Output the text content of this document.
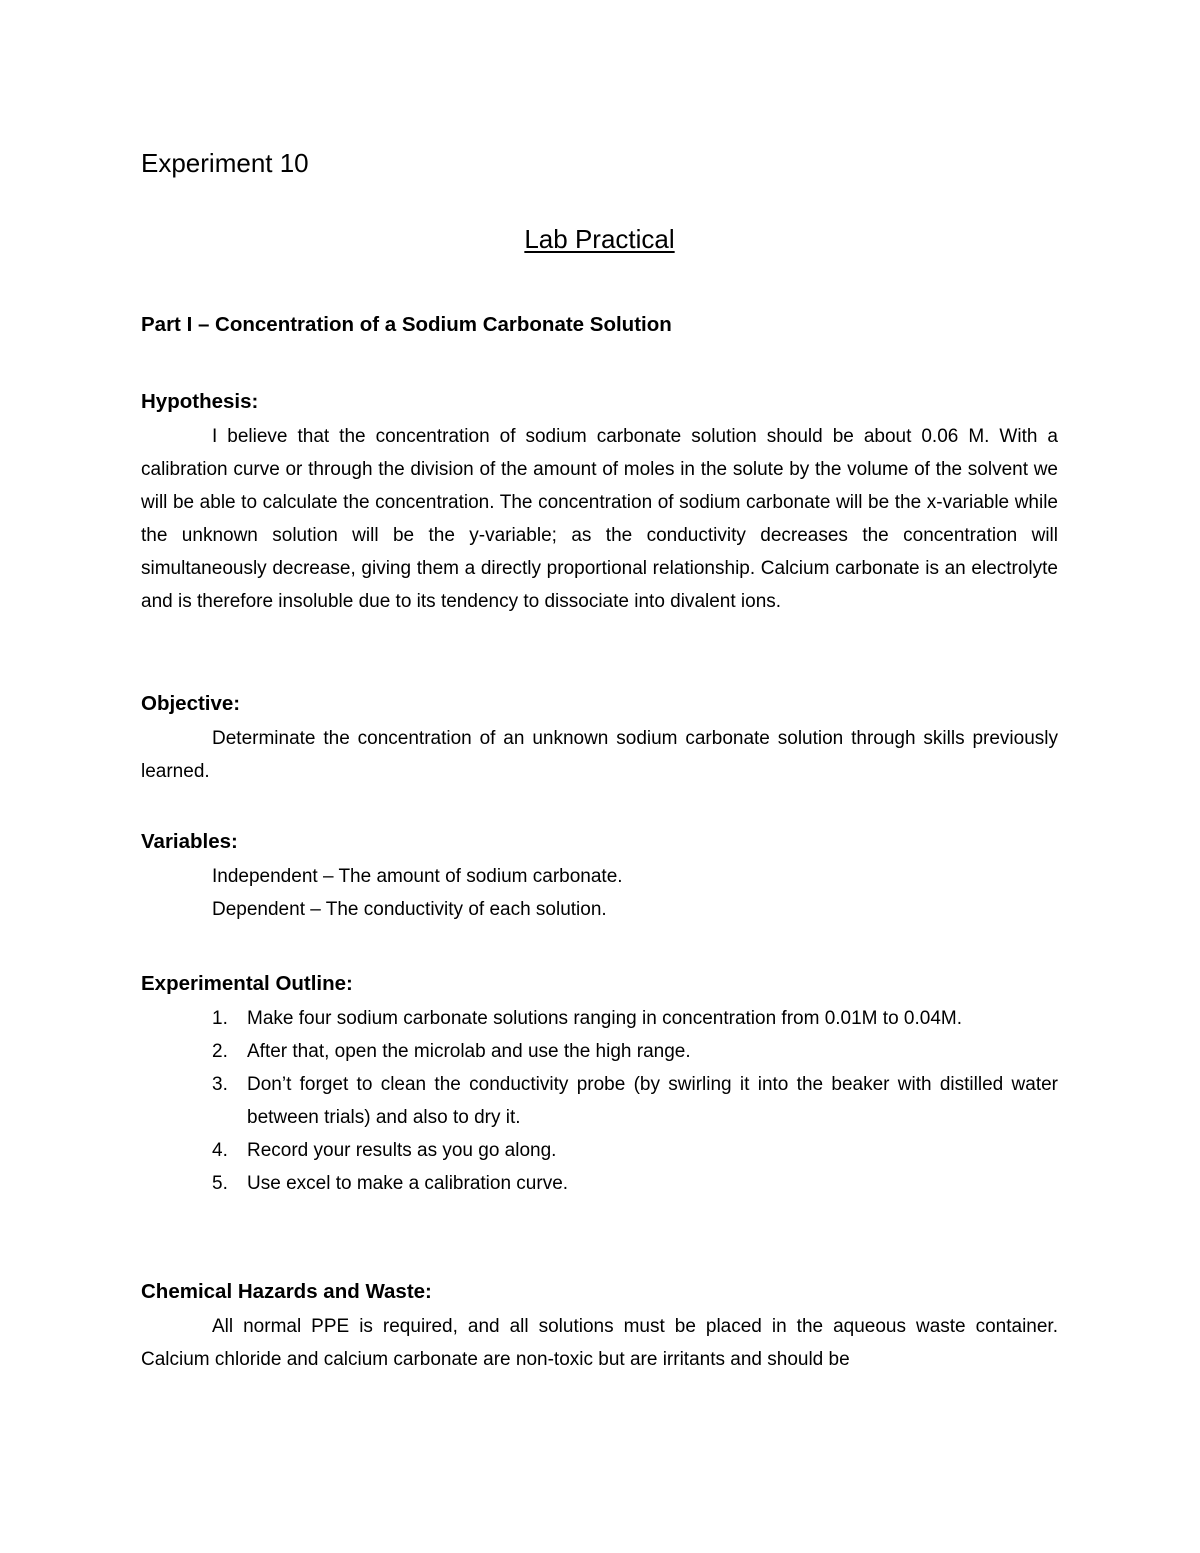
Experiment 10
Lab Practical
Part I – Concentration of a Sodium Carbonate Solution
Hypothesis:

I believe that the concentration of sodium carbonate solution should be about 0.06 M. With a calibration curve or through the division of the amount of moles in the solute by the volume of the solvent we will be able to calculate the concentration. The concentration of sodium carbonate will be the x-variable while the unknown solution will be the y-variable; as the conductivity decreases the concentration will simultaneously decrease, giving them a directly proportional relationship. Calcium carbonate is an electrolyte and is therefore insoluble due to its tendency to dissociate into divalent ions.

Objective:

Determinate the concentration of an unknown sodium carbonate solution through skills previously learned.

Variables:

Independent – The amount of sodium carbonate.

Dependent – The conductivity of each solution.

Experimental Outline:
1. Make four sodium carbonate solutions ranging in concentration from 0.01M to 0.04M.
2. After that, open the microlab and use the high range.
3. Don’t forget to clean the conductivity probe (by swirling it into the beaker with distilled water between trials) and also to dry it.
4. Record your results as you go along.
5. Use excel to make a calibration curve.
Chemical Hazards and Waste:

All normal PPE is required, and all solutions must be placed in the aqueous waste container. Calcium chloride and calcium carbonate are non-toxic but are irritants and should be
